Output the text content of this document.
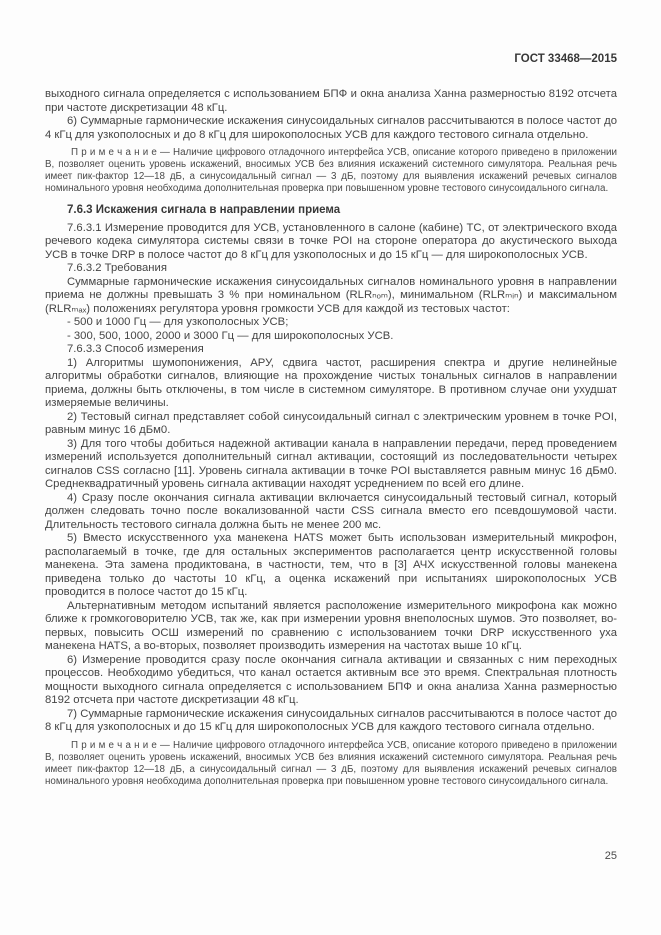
ГОСТ 33468—2015

выходного сигнала определяется с использованием БПФ и окна анализа Ханна размерностью 8192 отсчета при частоте дискретизации 48 кГц.

6) Суммарные гармонические искажения синусоидальных сигналов рассчитываются в полосе частот до 4 кГц для узкополосных и до 8 кГц для широкополосных УСВ для каждого тестового сигнала отдельно.

П р и м е ч а н и е — Наличие цифрового отладочного интерфейса УСВ, описание которого приведено в приложении В, позволяет оценить уровень искажений, вносимых УСВ без влияния искажений системного симулятора. Реальная речь имеет пик-фактор 12—18 дБ, а синусоидальный сигнал — 3 дБ, поэтому для выявления искажений речевых сигналов номинального уровня необходима дополнительная проверка при повышенном уровне тестового синусоидального сигнала.

7.6.3 Искажения сигнала в направлении приема

7.6.3.1 Измерение проводится для УСВ, установленного в салоне (кабине) ТС, от электрического входа речевого кодека симулятора системы связи в точке POI на стороне оператора до акустического выхода УСВ в точке DRP в полосе частот до 8 кГц для узкополосных и до 15 кГц — для широкополосных УСВ.

7.6.3.2 Требования

Суммарные гармонические искажения синусоидальных сигналов номинального уровня в направлении приема не должны превышать 3 % при номинальном (RLRₙₒₘ), минимальном (RLRₘᵢₙ) и максимальном (RLRₘₐₓ) положениях регулятора уровня громкости УСВ для каждой из тестовых частот:

- 500 и 1000 Гц — для узкополосных УСВ;

- 300, 500, 1000, 2000 и 3000 Гц — для широкополосных УСВ.

7.6.3.3 Способ измерения

1) Алгоритмы шумопонижения, АРУ, сдвига частот, расширения спектра и другие нелинейные алгоритмы обработки сигналов, влияющие на прохождение чистых тональных сигналов в направлении приема, должны быть отключены, в том числе в системном симуляторе. В противном случае они ухудшат измеряемые величины.

2) Тестовый сигнал представляет собой синусоидальный сигнал с электрическим уровнем в точке POI, равным минус 16 дБм0.

3) Для того чтобы добиться надежной активации канала в направлении передачи, перед проведением измерений используется дополнительный сигнал активации, состоящий из последовательности четырех сигналов CSS согласно [11]. Уровень сигнала активации в точке POI выставляется равным минус 16 дБм0. Среднеквадратичный уровень сигнала активации находят усреднением по всей его длине.

4) Сразу после окончания сигнала активации включается синусоидальный тестовый сигнал, который должен следовать точно после вокализованной части CSS сигнала вместо его псевдошумовой части. Длительность тестового сигнала должна быть не менее 200 мс.

5) Вместо искусственного уха манекена HATS может быть использован измерительный микрофон, располагаемый в точке, где для остальных экспериментов располагается центр искусственной головы манекена. Эта замена продиктована, в частности, тем, что в [3] АЧХ искусственной головы манекена приведена только до частоты 10 кГц, а оценка искажений при испытаниях широкополосных УСВ проводится в полосе частот до 15 кГц.

Альтернативным методом испытаний является расположение измерительного микрофона как можно ближе к громкоговорителю УСВ, так же, как при измерении уровня внеполосных шумов. Это позволяет, во-первых, повысить ОСШ измерений по сравнению с использованием точки DRP искусственного уха манекена HATS, а во-вторых, позволяет производить измерения на частотах выше 10 кГц.

6) Измерение проводится сразу после окончания сигнала активации и связанных с ним переходных процессов. Необходимо убедиться, что канал остается активным все это время. Спектральная плотность мощности выходного сигнала определяется с использованием БПФ и окна анализа Ханна размерностью 8192 отсчета при частоте дискретизации 48 кГц.

7) Суммарные гармонические искажения синусоидальных сигналов рассчитываются в полосе частот до 8 кГц для узкополосных и до 15 кГц для широкополосных УСВ для каждого тестового сигнала отдельно.

П р и м е ч а н и е — Наличие цифрового отладочного интерфейса УСВ, описание которого приведено в приложении В, позволяет оценить уровень искажений, вносимых УСВ без влияния искажений системного симулятора. Реальная речь имеет пик-фактор 12—18 дБ, а синусоидальный сигнал — 3 дБ, поэтому для выявления искажений речевых сигналов номинального уровня необходима дополнительная проверка при повышенном уровне тестового синусоидального сигнала.

25
